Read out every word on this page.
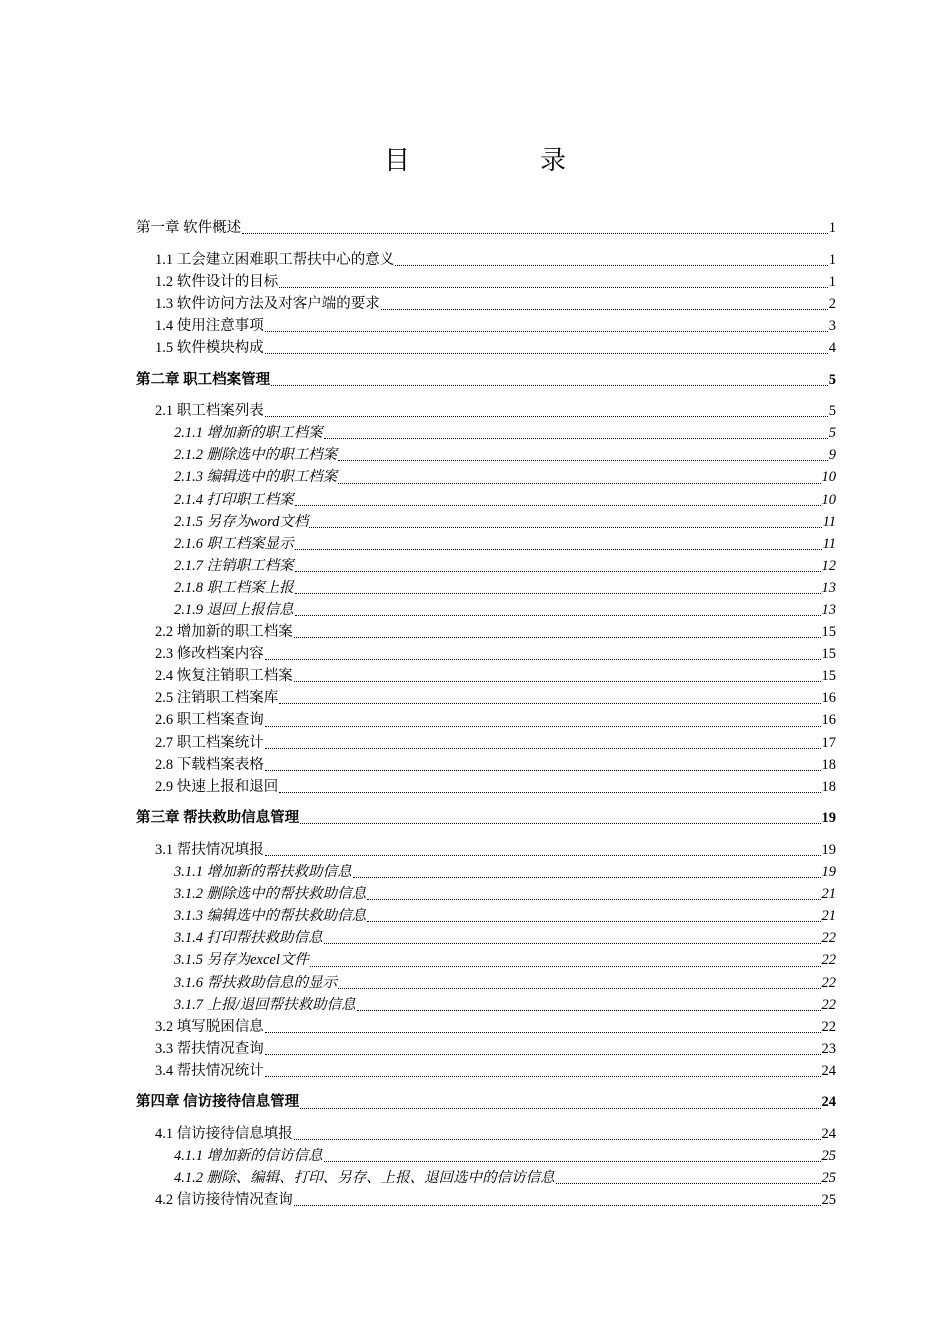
目　录
第一章 软件概述	1
1.1 工会建立困难职工帮扶中心的意义	1
1.2 软件设计的目标	1
1.3 软件访问方法及对客户端的要求	2
1.4 使用注意事项	3
1.5 软件模块构成	4
第二章 职工档案管理	5
2.1 职工档案列表	5
2.1.1 增加新的职工档案	5
2.1.2 删除选中的职工档案	9
2.1.3 编辑选中的职工档案	10
2.1.4 打印职工档案	10
2.1.5 另存为word文档	11
2.1.6 职工档案显示	11
2.1.7 注销职工档案	12
2.1.8 职工档案上报	13
2.1.9 退回上报信息	13
2.2 增加新的职工档案	15
2.3 修改档案内容	15
2.4 恢复注销职工档案	15
2.5 注销职工档案库	16
2.6 职工档案查询	16
2.7 职工档案统计	17
2.8 下载档案表格	18
2.9 快速上报和退回	18
第三章 帮扶救助信息管理	19
3.1 帮扶情况填报	19
3.1.1 增加新的帮扶救助信息	19
3.1.2 删除选中的帮扶救助信息	21
3.1.3 编辑选中的帮扶救助信息	21
3.1.4 打印帮扶救助信息	22
3.1.5 另存为excel文件	22
3.1.6 帮扶救助信息的显示	22
3.1.7 上报/退回帮扶救助信息	22
3.2 填写脱困信息	22
3.3 帮扶情况查询	23
3.4 帮扶情况统计	24
第四章 信访接待信息管理	24
4.1 信访接待信息填报	24
4.1.1 增加新的信访信息	25
4.1.2 删除、编辑、打印、另存、上报、退回选中的信访信息	25
4.2 信访接待情况查询	25
